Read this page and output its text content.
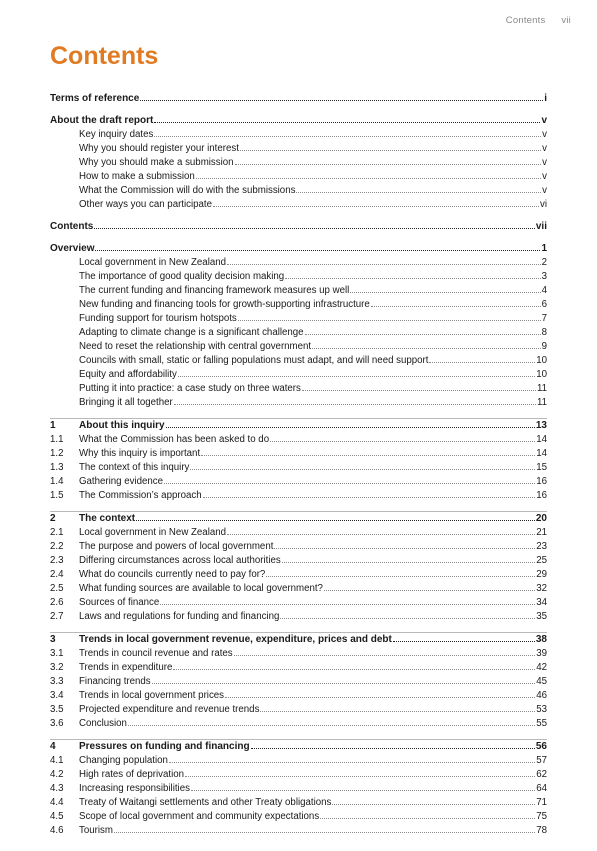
Contents vii
Contents
Terms of reference	i
About the draft report	v
Key inquiry dates	v
Why you should register your interest	v
Why you should make a submission	v
How to make a submission	v
What the Commission will do with the submissions	v
Other ways you can participate	vi
Contents	vii
Overview	1
Local government in New Zealand	2
The importance of good quality decision making	3
The current funding and financing framework measures up well	4
New funding and financing tools for growth-supporting infrastructure	6
Funding support for tourism hotspots	7
Adapting to climate change is a significant challenge	8
Need to reset the relationship with central government	9
Councils with small, static or falling populations must adapt, and will need support	10
Equity and affordability	10
Putting it into practice: a case study on three waters	11
Bringing it all together	11
1	About this inquiry	13
1.1	What the Commission has been asked to do	14
1.2	Why this inquiry is important	14
1.3	The context of this inquiry	15
1.4	Gathering evidence	16
1.5	The Commission’s approach	16
2	The context	20
2.1	Local government in New Zealand	21
2.2	The purpose and powers of local government	23
2.3	Differing circumstances across local authorities	25
2.4	What do councils currently need to pay for?	29
2.5	What funding sources are available to local government?	32
2.6	Sources of finance	34
2.7	Laws and regulations for funding and financing	35
3	Trends in local government revenue, expenditure, prices and debt	38
3.1	Trends in council revenue and rates	39
3.2	Trends in expenditure	42
3.3	Financing trends	45
3.4	Trends in local government prices	46
3.5	Projected expenditure and revenue trends	53
3.6	Conclusion	55
4	Pressures on funding and financing	56
4.1	Changing population	57
4.2	High rates of deprivation	62
4.3	Increasing responsibilities	64
4.4	Treaty of Waitangi settlements and other Treaty obligations	71
4.5	Scope of local government and community expectations	75
4.6	Tourism	78
